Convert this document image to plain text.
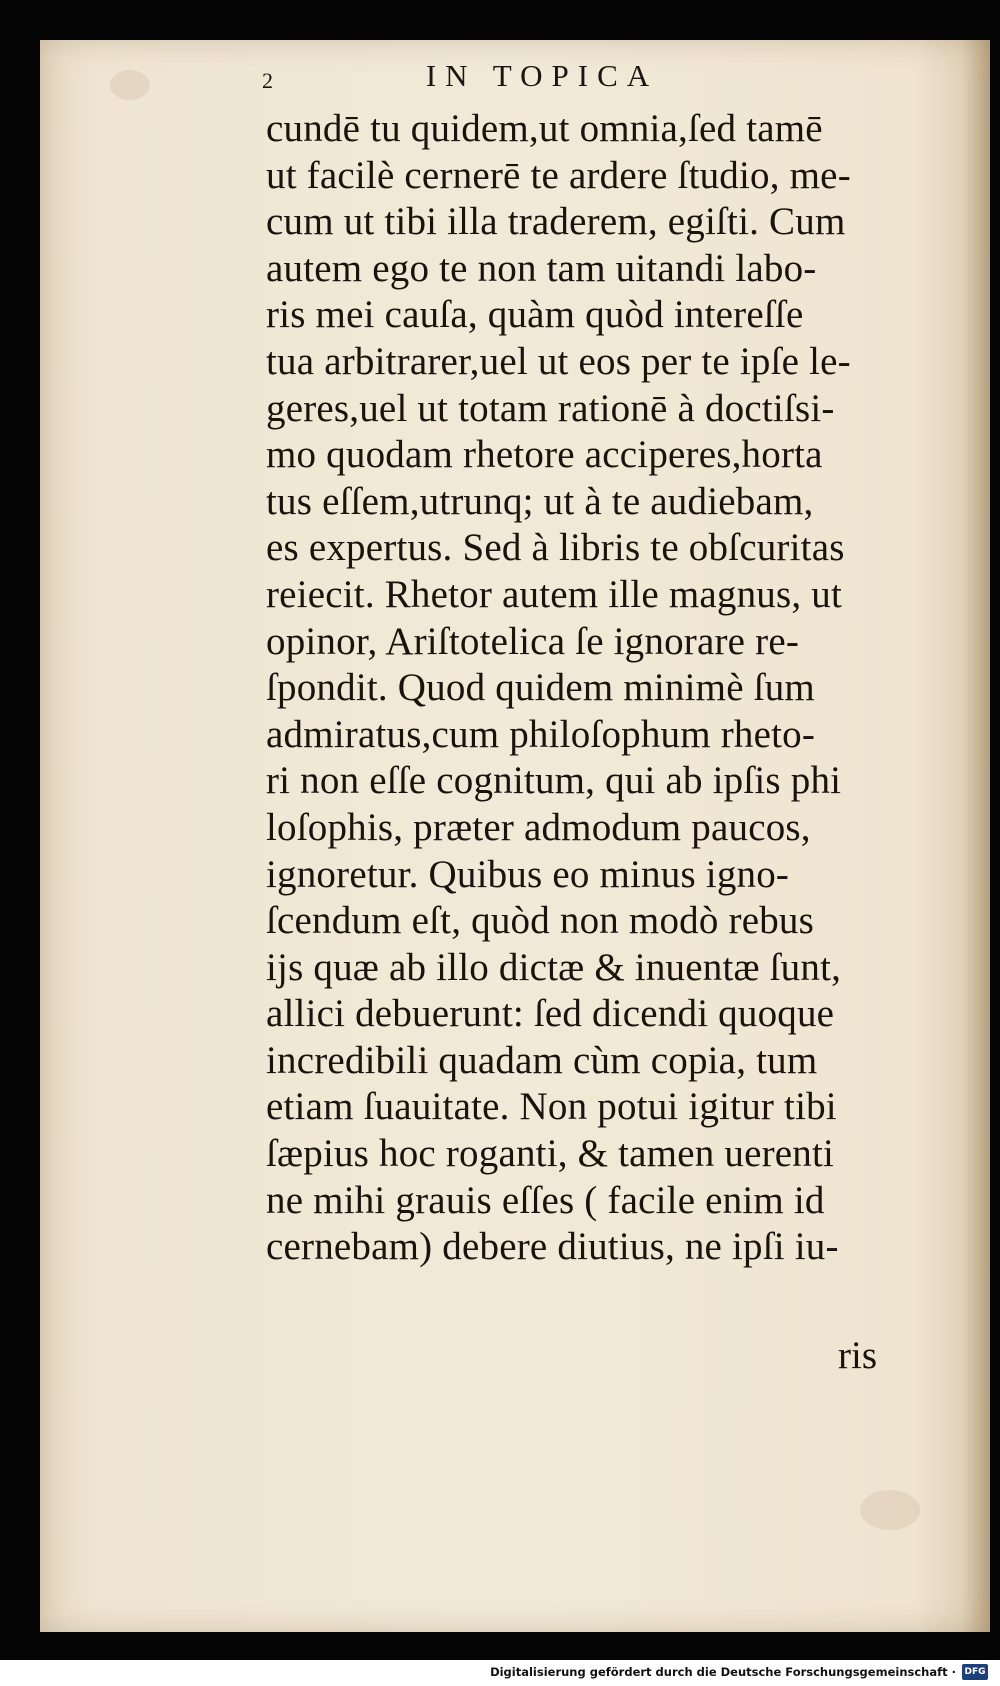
2	IN TOPICA
cundē tu quidem,ut omnia,ſed tamē
ut facilè cernerē te ardere ſtudio, me-
cum ut tibi illa traderem, egiſti. Cum
autem ego te non tam uitandi labo-
ris mei cauſa, quàm quòd intereſſe
tua arbitrarer,uel ut eos per te ipſe le-
geres,uel ut totam rationē à doctiſsi-
mo quodam rhetore acciperes,horta
tus eſſem,utrunq; ut à te audiebam,
es expertus. Sed à libris te obſcuritas
reiecit. Rhetor autem ille magnus, ut
opinor, Ariſtotelica ſe ignorare re-
ſpondit. Quod quidem minimè ſum
admiratus,cum philoſophum rheto-
ri non eſſe cognitum, qui ab ipſis phi
loſophis, præter admodum paucos,
ignoretur. Quibus eo minus igno-
ſcendum eſt, quòd non modò rebus
ijs quæ ab illo dictæ & inuentæ ſunt,
allici debuerunt: ſed dicendi quoque
incredibili quadam cùm copia, tum
etiam ſuauitate. Non potui igitur tibi
ſæpius hoc roganti, & tamen uerenti
ne mihi grauis eſſes ( facile enim id
cernebam) debere diutius, ne ipſi iu-
ris
Digitalisierung gefördert durch die Deutsche Forschungsgemeinschaft · DFG
